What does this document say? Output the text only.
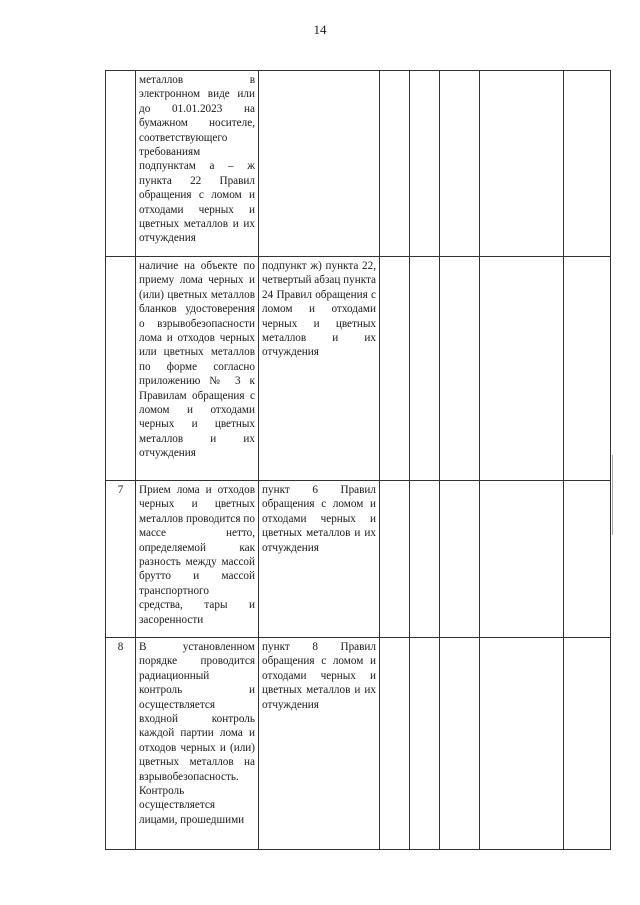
14
	металлов в электронном виде или до 01.01.2023 на бумажном носителе, соответствующего требованиям подпунктам а – ж пункта 22 Правил обращения с ломом и отходами черных и цветных металлов и их отчуждения						
	наличие на объекте по приему лома черных и (или) цветных металлов бланков удостоверения о взрывобезопасности лома и отходов черных или цветных металлов по форме согласно приложению № 3 к Правилам обращения с ломом и отходами черных и цветных металлов и их отчуждения	подпункт ж) пункта 22, четвертый абзац пункта 24 Правил обращения с ломом и отходами черных и цветных металлов и их отчуждения					
7	Прием лома и отходов черных и цветных металлов проводится по массе нетто, определяемой как разность между массой брутто и массой транспортного средства, тары и засоренности	пункт 6 Правил обращения с ломом и отходами черных и цветных металлов и их отчуждения					
8	В установленном порядке проводится радиационный контроль и осуществляется входной контроль каждой партии лома и отходов черных и (или) цветных металлов на взрывобезопасность. Контроль осуществляется лицами, прошедшими	пункт 8 Правил обращения с ломом и отходами черных и цветных металлов и их отчуждения					
